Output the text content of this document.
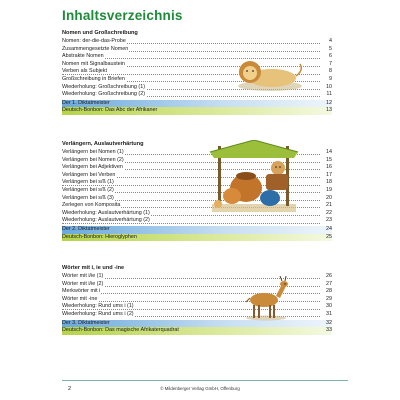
Inhaltsverzeichnis
Nomen und Großschreibung
Nomen: der-die-das-Probe	4
Zusammengesetzte Nomen	5
Abstrakte Nomen	6
Nomen mit Signalbaustein	7
Verben als Subjekt	8
Großschreibung in Briefen	9
Wiederholung: Großschreibung (1)	10
Wiederholung: Großschreibung (2)	11
Der 1. Diktatmeister	12
Deutsch-Bonbon: Das Abc der Afrikaner	13
Verlängern, Auslautverhärtung
Verlängern bei Nomen (1)	14
Verlängern bei Nomen (2)	15
Verlängern bei Adjektiven	16
Verlängern bei Verben	17
Verlängern bei s/ß (1)	18
Verlängern bei s/ß (2)	19
Verlängern bei s/ß (3)	20
Zerlegen von Komposita	21
Wiederholung: Auslautverhärtung (1)	22
Wiederholung: Auslautverhärtung (2)	23
Der 2. Diktatmeister	24
Deutsch-Bonbon: Hieroglyphen	25
Wörter mit i, ie und -ine
Wörter mit i/ie (1)	26
Wörter mit i/ie (2)	27
Merkwörter mit i	28
Wörter mit -ine	29
Wiederholung: Rund ums i (1)	30
Wiederholung: Rund ums i (2)	31
Der 3. Diktatmeister	32
Deutsch-Bonbon: Das magische Afrikaterquadrat	33
2	© Mildenberger Verlag GmbH, Offenburg
